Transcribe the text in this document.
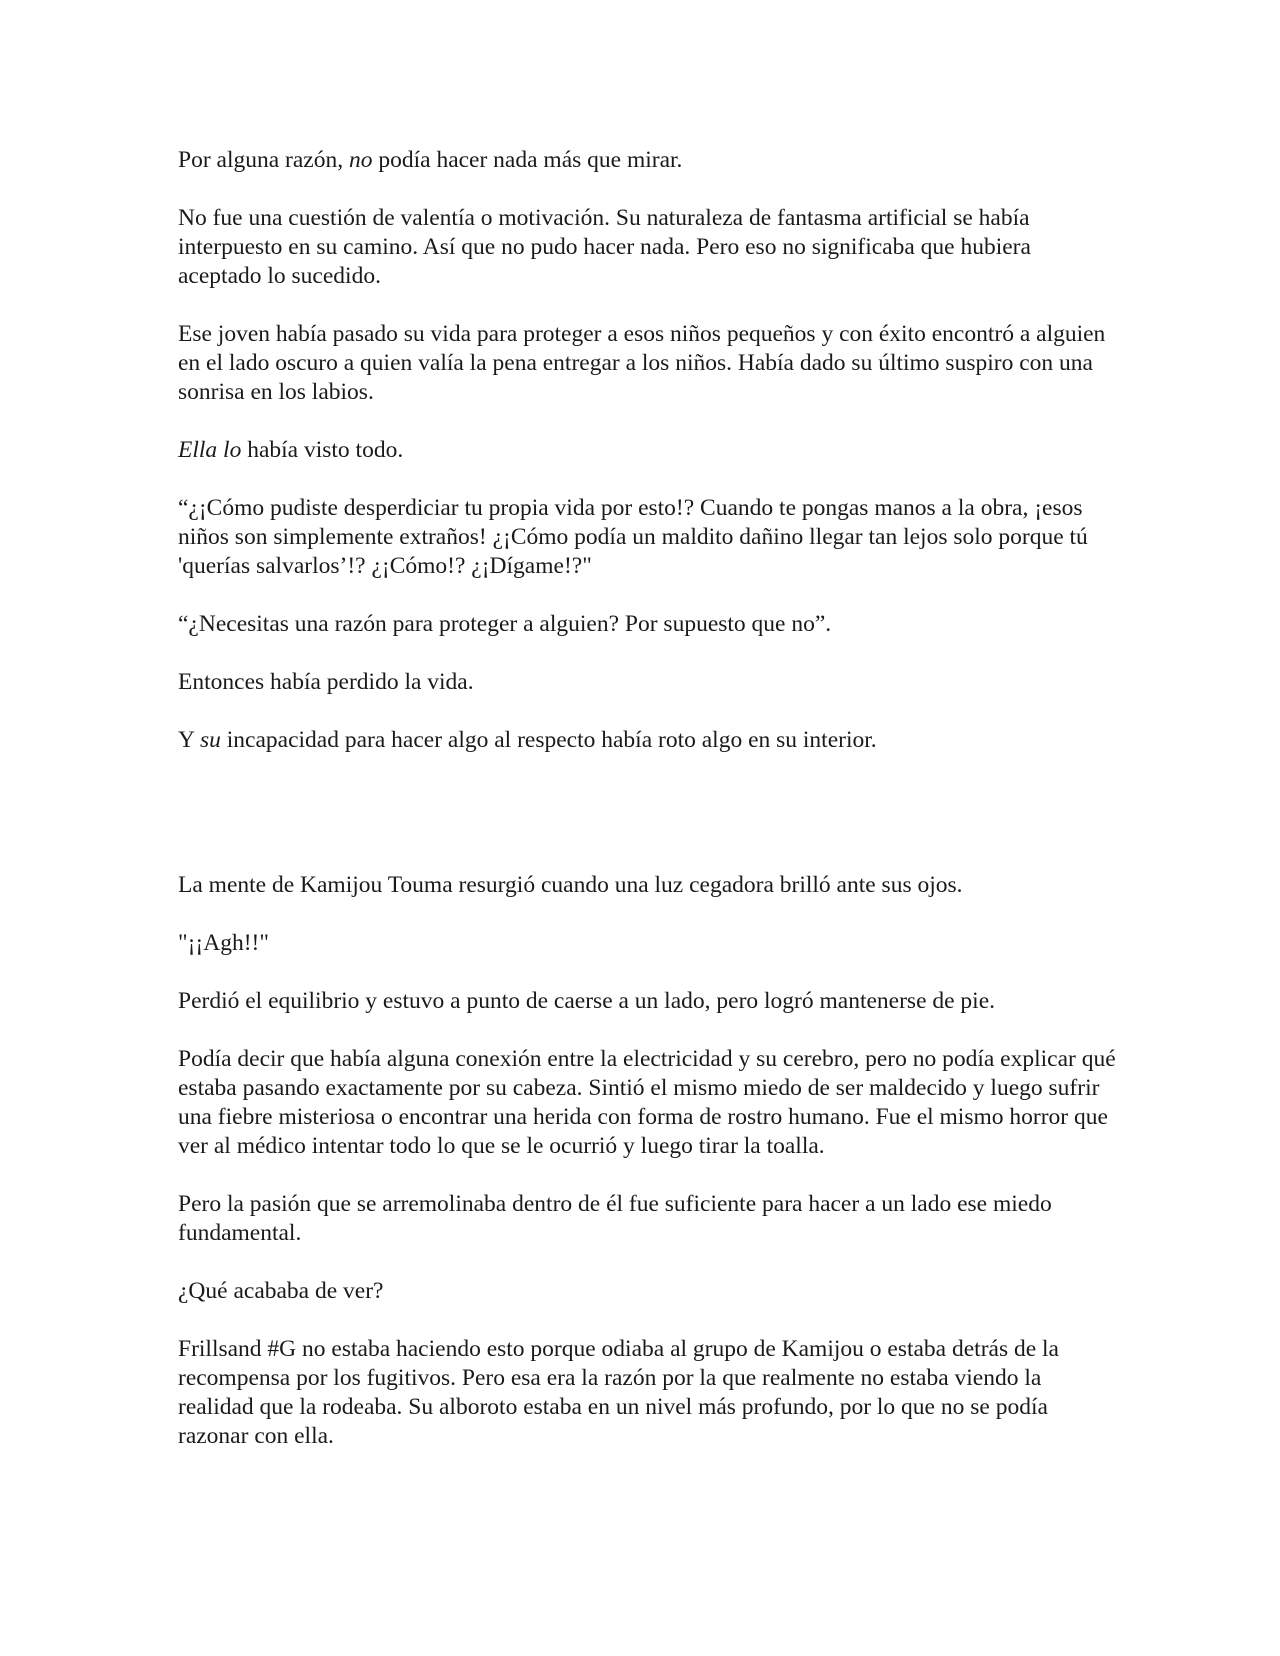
Por alguna razón, no podía hacer nada más que mirar.

No fue una cuestión de valentía o motivación. Su naturaleza de fantasma artificial se había interpuesto en su camino. Así que no pudo hacer nada. Pero eso no significaba que hubiera aceptado lo sucedido.

Ese joven había pasado su vida para proteger a esos niños pequeños y con éxito encontró a alguien en el lado oscuro a quien valía la pena entregar a los niños. Había dado su último suspiro con una sonrisa en los labios.

Ella lo había visto todo.

“¿¡Cómo pudiste desperdiciar tu propia vida por esto!? Cuando te pongas manos a la obra, ¡esos niños son simplemente extraños! ¿¡Cómo podía un maldito dañino llegar tan lejos solo porque tú 'querías salvarlos’!? ¿¡Cómo!? ¿¡Dígame!?"

“¿Necesitas una razón para proteger a alguien? Por supuesto que no”.

Entonces había perdido la vida.

Y su incapacidad para hacer algo al respecto había roto algo en su interior.

La mente de Kamijou Touma resurgió cuando una luz cegadora brilló ante sus ojos.

"¡¡Agh!!"

Perdió el equilibrio y estuvo a punto de caerse a un lado, pero logró mantenerse de pie.

Podía decir que había alguna conexión entre la electricidad y su cerebro, pero no podía explicar qué estaba pasando exactamente por su cabeza. Sintió el mismo miedo de ser maldecido y luego sufrir una fiebre misteriosa o encontrar una herida con forma de rostro humano. Fue el mismo horror que ver al médico intentar todo lo que se le ocurrió y luego tirar la toalla.

Pero la pasión que se arremolinaba dentro de él fue suficiente para hacer a un lado ese miedo fundamental.

¿Qué acababa de ver?

Frillsand #G no estaba haciendo esto porque odiaba al grupo de Kamijou o estaba detrás de la recompensa por los fugitivos. Pero esa era la razón por la que realmente no estaba viendo la realidad que la rodeaba. Su alboroto estaba en un nivel más profundo, por lo que no se podía razonar con ella.
